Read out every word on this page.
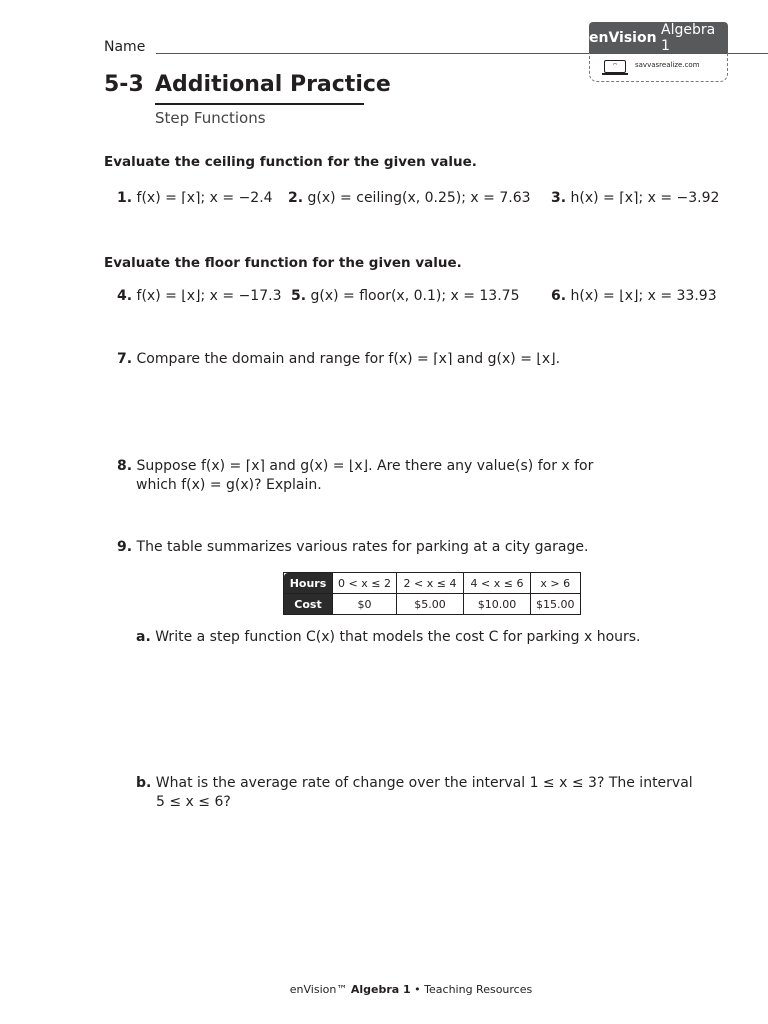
Name
enVision
Algebra 1
⌔	savvasrealize.com
5-3 Additional Practice
Step Functions
Evaluate the ceiling function for the given value.
1. f(x) = ⌈x⌉; x = −2.4 2. g(x) = ceiling(x, 0.25); x = 7.63 3. h(x) = ⌈x⌉; x = −3.92
Evaluate the floor function for the given value.
4. f(x) = ⌊x⌋; x = −17.3 5. g(x) = floor(x, 0.1); x = 13.75 6. h(x) = ⌊x⌋; x = 33.93
7. Compare the domain and range for f(x) = ⌈x⌉ and g(x) = ⌊x⌋.
8. Suppose f(x) = ⌈x⌉ and g(x) = ⌊x⌋. Are there any value(s) for x for
which f(x) = g(x)? Explain.
9. The table summarizes various rates for parking at a city garage.
Hours	0 < x ≤ 2	2 < x ≤ 4	4 < x ≤ 6	x > 6
Cost	$0	$5.00	$10.00	$15.00
a. Write a step function C(x) that models the cost C for parking x hours.
b. What is the average rate of change over the interval 1 ≤ x ≤ 3? The interval
5 ≤ x ≤ 6?
enVision™ Algebra 1 • Teaching Resources
